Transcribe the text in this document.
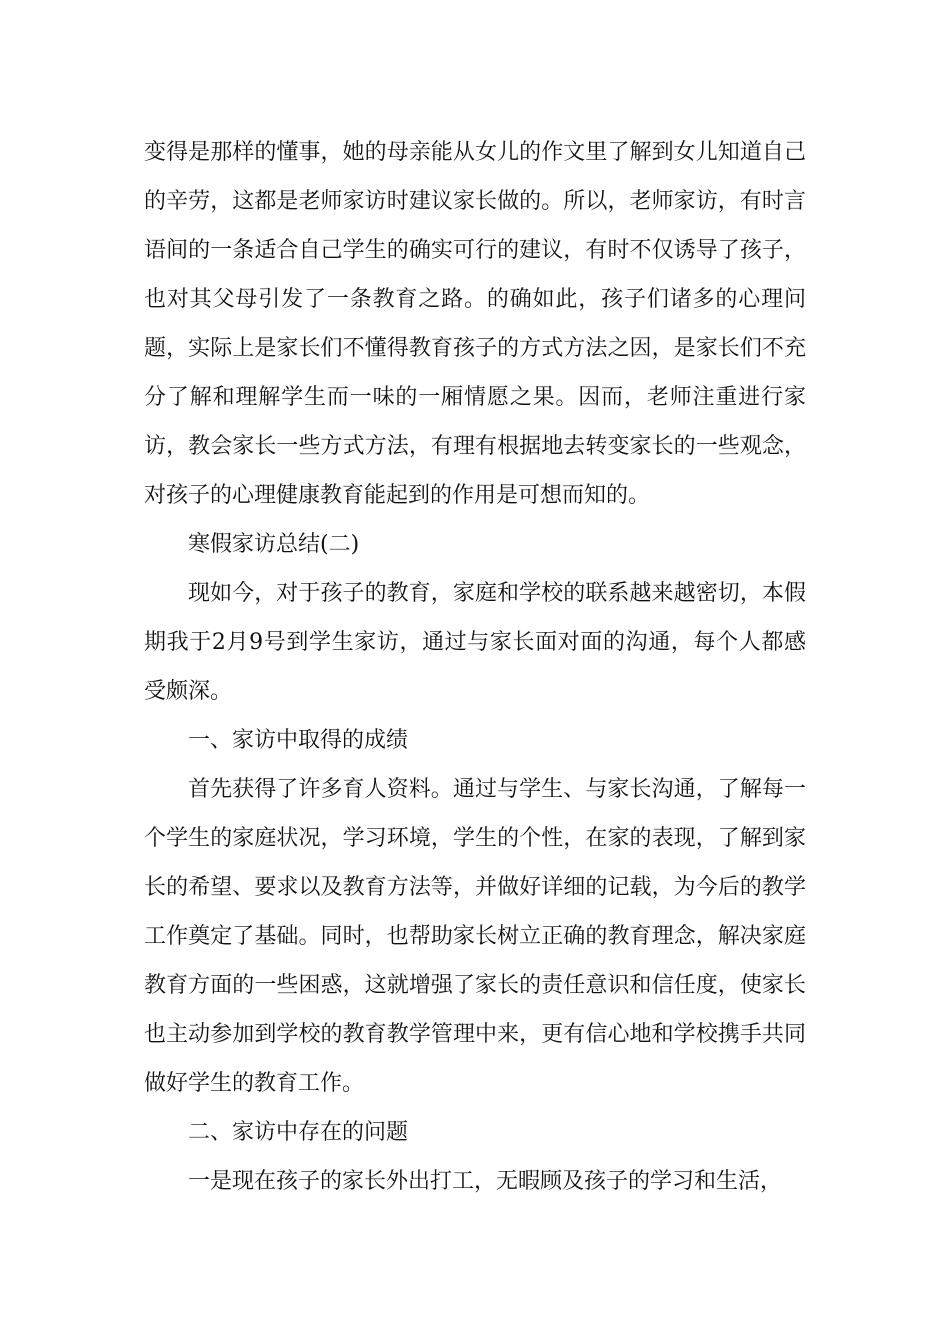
变得是那样的懂事，她的母亲能从女儿的作文里了解到女儿知道自己的辛劳，这都是老师家访时建议家长做的。所以，老师家访，有时言语间的一条适合自己学生的确实可行的建议，有时不仅诱导了孩子，也对其父母引发了一条教育之路。的确如此，孩子们诸多的心理问题，实际上是家长们不懂得教育孩子的方式方法之因，是家长们不充分了解和理解学生而一味的一厢情愿之果。因而，老师注重进行家访，教会家长一些方式方法，有理有根据地去转变家长的一些观念，对孩子的心理健康教育能起到的作用是可想而知的。

寒假家访总结(二)

现如今，对于孩子的教育，家庭和学校的联系越来越密切，本假期我于2月9号到学生家访，通过与家长面对面的沟通，每个人都感受颇深。

一、家访中取得的成绩

首先获得了许多育人资料。通过与学生、与家长沟通，了解每一个学生的家庭状况，学习环境，学生的个性，在家的表现，了解到家长的希望、要求以及教育方法等，并做好详细的记载，为今后的教学工作奠定了基础。同时，也帮助家长树立正确的教育理念，解决家庭教育方面的一些困惑，这就增强了家长的责任意识和信任度，使家长也主动参加到学校的教育教学管理中来，更有信心地和学校携手共同做好学生的教育工作。

二、家访中存在的问题

一是现在孩子的家长外出打工，无暇顾及孩子的学习和生活，
